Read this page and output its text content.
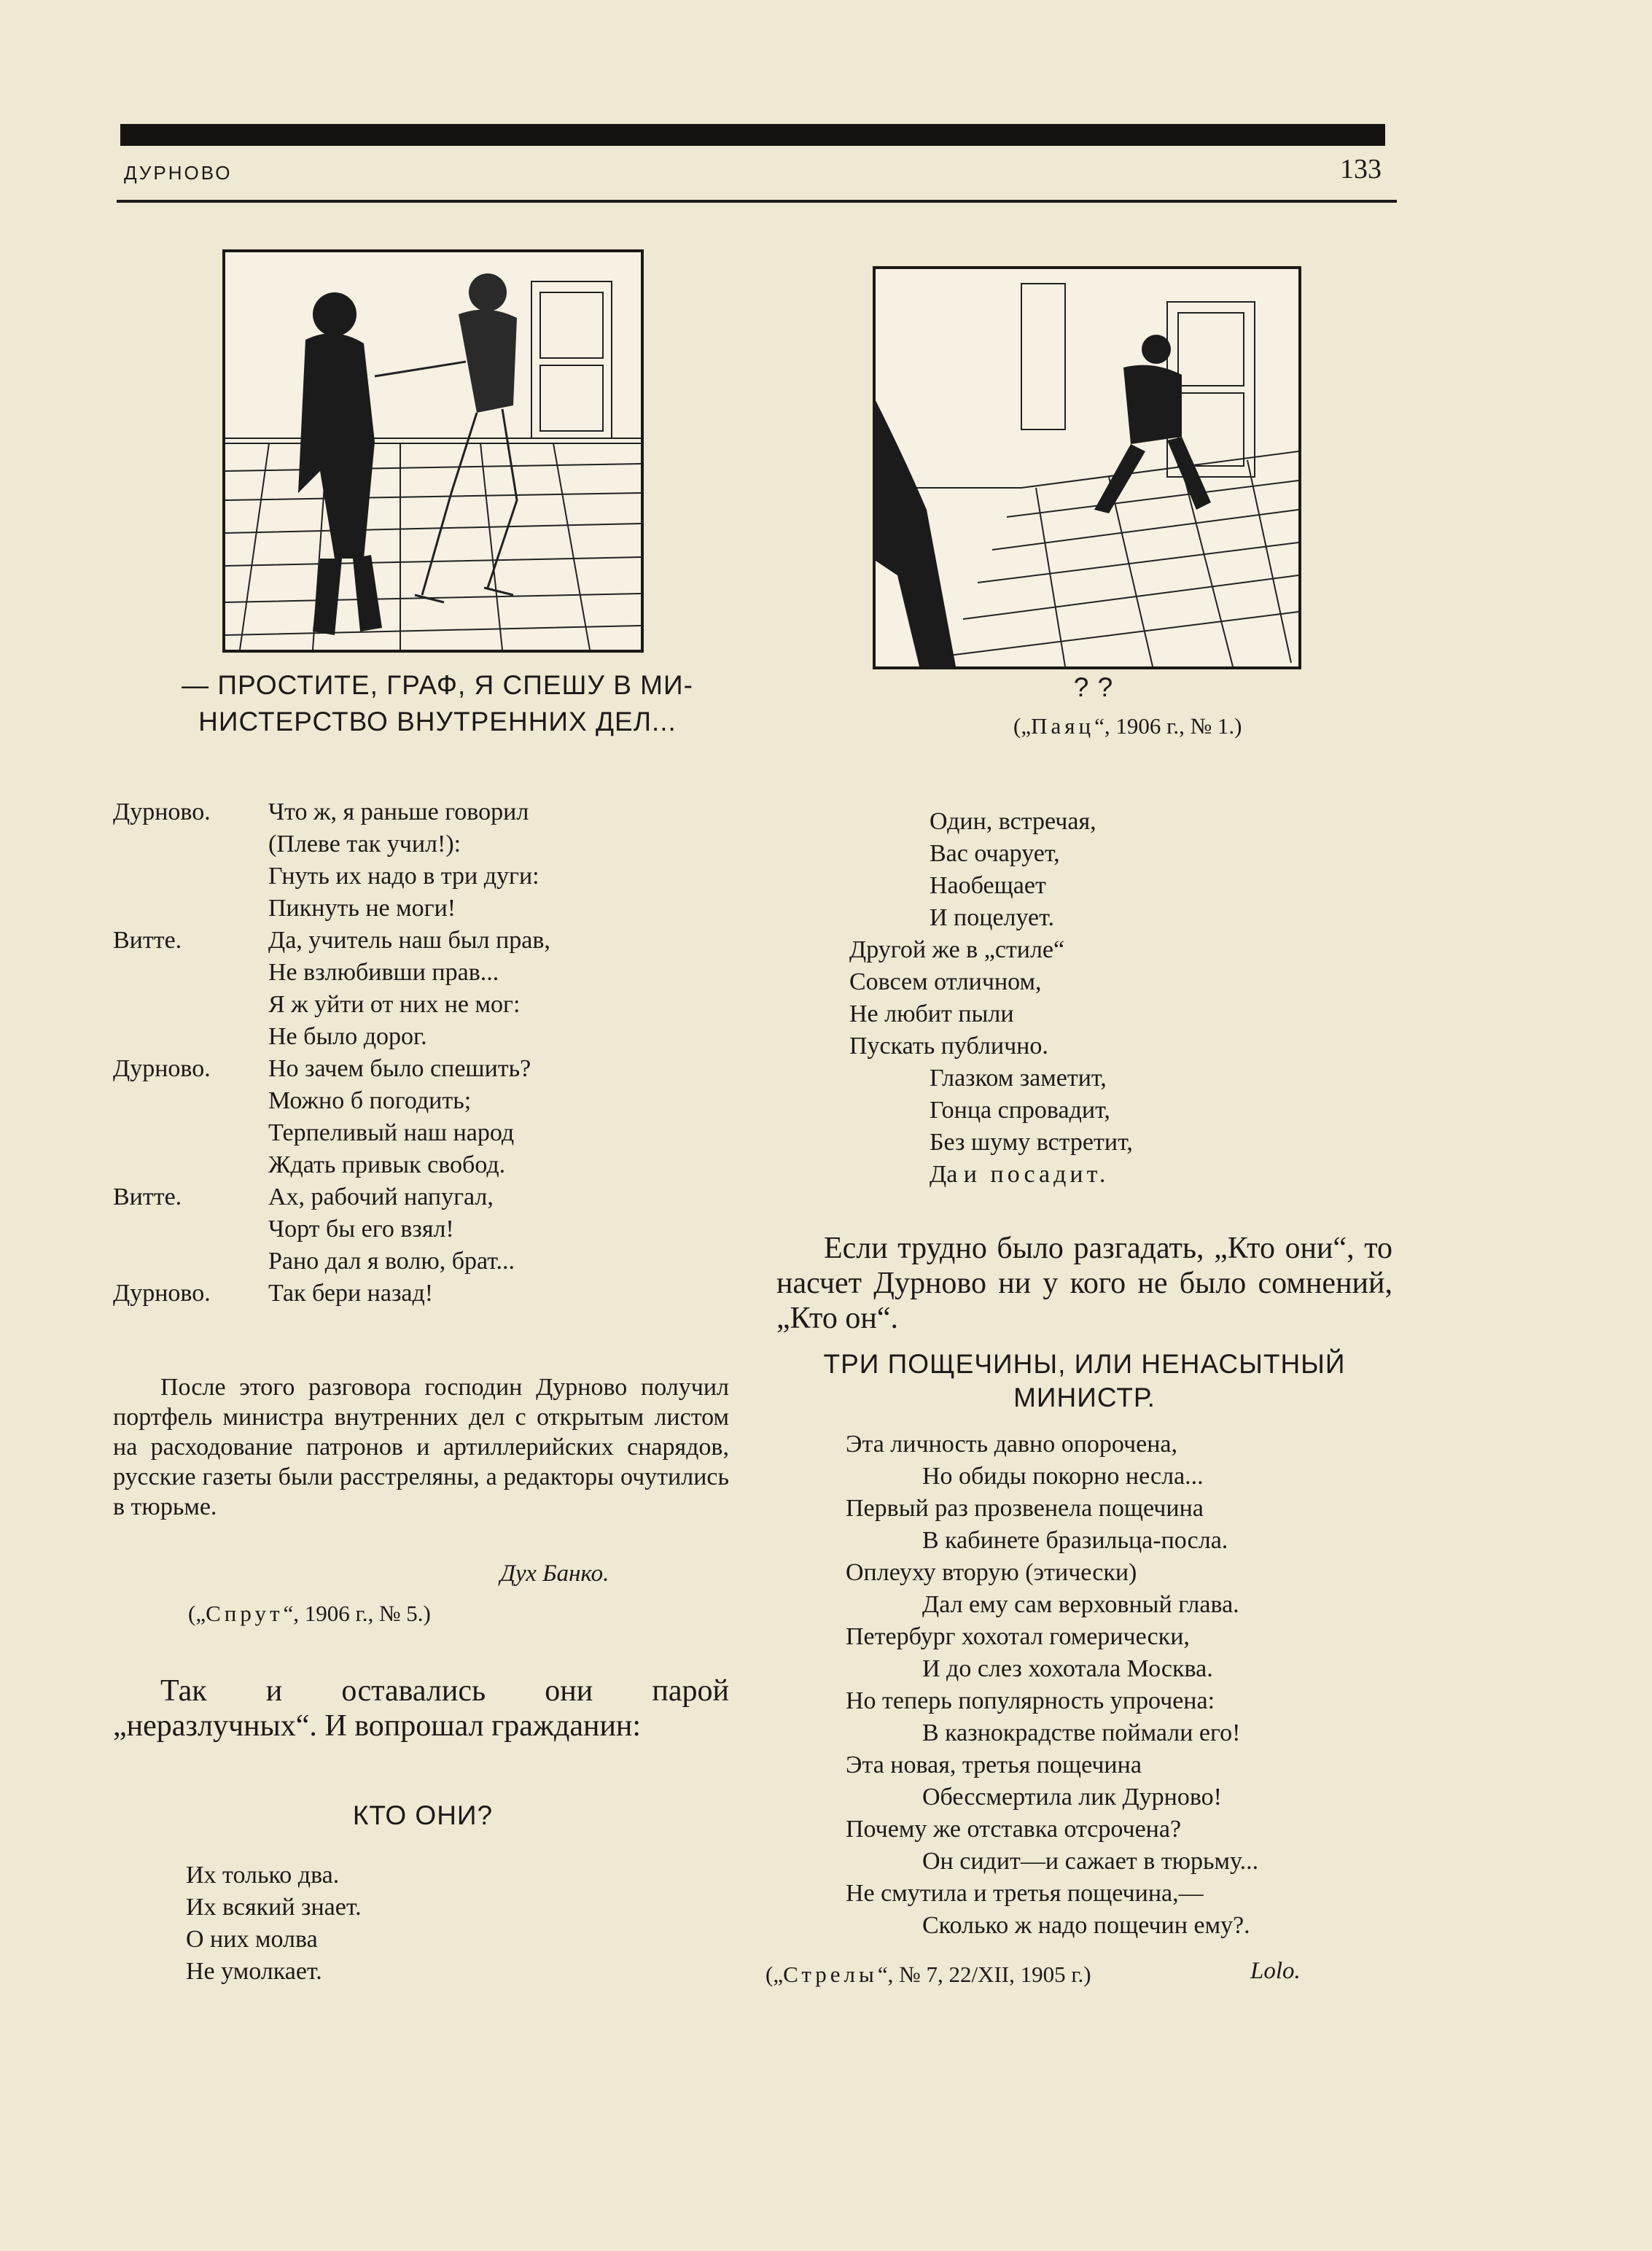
ДУРНОВО	133
— ПРОСТИТЕ, ГРАФ, Я СПЕШУ В МИ-
НИСТЕРСТВО ВНУТРЕННИХ ДЕЛ...
? ?
(„Паяц“, 1906 г., № 1.)
Дурново. Что ж, я раньше говорил
(Плеве так учил!):
Гнуть их надо в три дуги:
Пикнуть не моги!
Витте.	Да, учитель наш был прав,
Не взлюбивши прав...
Я ж уйти от них не мог:
Не было дорог.
Дурново. Но зачем было спешить?
Можно б погодить;
Терпеливый наш народ
Ждать привык свобод.
Витте.	Ах, рабочий напугал,
Чорт бы его взял!
Рано дал я волю, брат...
Дурново. Так бери назад!

После этого разговора господин Дурново получил портфель министра внутренних дел с открытым листом на расходование патронов и артиллерийских снарядов, русские газеты были расстреляны, а редакторы очутились в тюрьме.

Дух Банко.
(„Спрут“, 1906 г., № 5.)

Так и оставались они парой „неразлучных“. И вопрошал гражданин:

КТО ОНИ?
Их только два.
Их всякий знает.
О них молва
Не умолкает.
Один, встречая,
Вас очарует,
Наобещает
И поцелует.
Другой же в „стиле“
Совсем отличном,
Не любит пыли
Пускать публично.
Глазком заметит,
Гонца спровадит,
Без шуму встретит,
Да и посадит.

Если трудно было разгадать, „Кто они“, то насчет Дурново ни у кого не было сомнений, „Кто он“.

ТРИ ПОЩЕЧИНЫ, ИЛИ НЕНАСЫТНЫЙ
МИНИСТР.
Эта личность давно опорочена,
Но обиды покорно несла...
Первый раз прозвенела пощечина
В кабинете бразильца-посла.
Оплеуху вторую (этически)
Дал ему сам верховный глава.
Петербург хохотал гомерически,
И до слез хохотала Москва.
Но теперь популярность упрочена:
В казнокрадстве поймали его!
Эта новая, третья пощечина
Обессмертила лик Дурново!
Почему же отставка отсрочена?
Он сидит—и сажает в тюрьму...
Не смутила и третья пощечина,—
Сколько ж надо пощечин ему?.
(„Стрелы“, № 7, 22/XII, 1905 г.)	Lolo.
